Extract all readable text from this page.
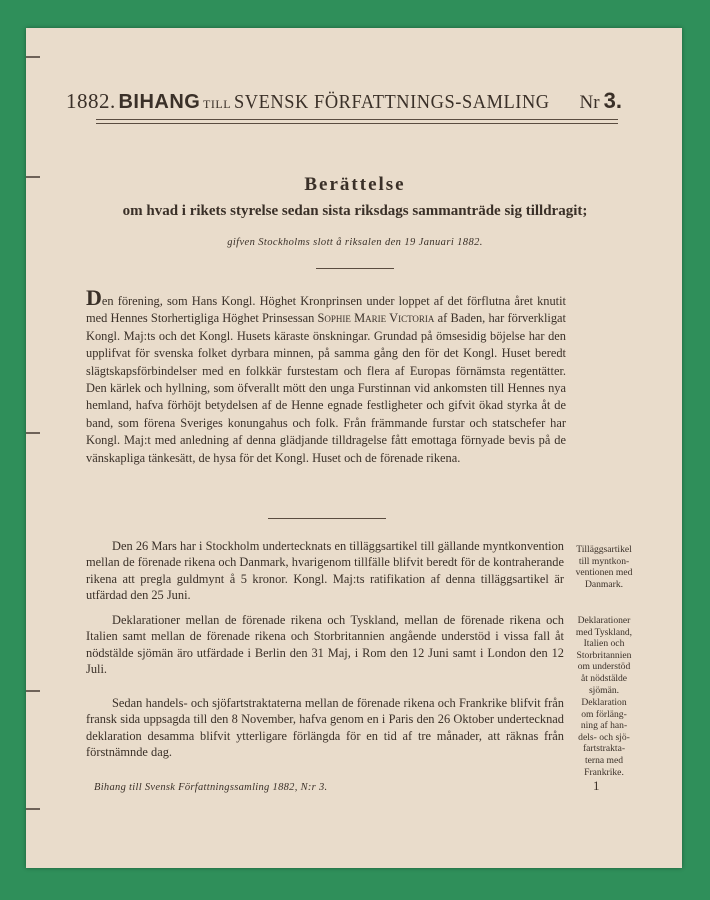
1882. BIHANG TILL SVENSK FÖRFATTNINGS-SAMLING Nr 3.
Berättelse
om hvad i rikets styrelse sedan sista riksdags sammanträde sig tilldragit;
gifven Stockholms slott å riksalen den 19 Januari 1882.
Den förening, som Hans Kongl. Höghet Kronprinsen under loppet af det förflutna året knutit med Hennes Storhertigliga Höghet Prinsessan Sophie Marie Victoria af Baden, har förverkligat Kongl. Maj:ts och det Kongl. Husets käraste önskningar. Grundad på ömsesidig böjelse har den upplifvat för svenska folket dyrbara minnen, på samma gång den för det Kongl. Huset beredt slägtskapsförbindelser med en folkkär furstestam och flera af Europas förnämsta regentätter. Den kärlek och hyllning, som öfverallt mött den unga Furstinnan vid ankomsten till Hennes nya hemland, hafva förhöjt betydelsen af de Henne egnade festligheter och gifvit ökad styrka åt de band, som förena Sveriges konungahus och folk. Från främmande furstar och statschefer har Kongl. Maj:t med anledning af denna glädjande tilldragelse fått emottaga förnyade bevis på de vänskapliga tänkesätt, de hysa för det Kongl. Huset och de förenade rikena.
Den 26 Mars har i Stockholm undertecknats en tilläggsartikel till gällande myntkonvention mellan de förenade rikena och Danmark, hvarigenom tillfälle blifvit beredt för de kontraherande rikena att pregla guldmynt å 5 kronor. Kongl. Maj:ts ratifikation af denna tilläggsartikel är utfärdad den 25 Juni.
Deklarationer mellan de förenade rikena och Tyskland, mellan de förenade rikena och Italien samt mellan de förenade rikena och Storbritannien angående understöd i vissa fall åt nödstälde sjömän äro utfärdade i Berlin den 31 Maj, i Rom den 12 Juni samt i London den 12 Juli.
Sedan handels- och sjöfartstraktaterna mellan de förenade rikena och Frankrike blifvit från fransk sida uppsagda till den 8 November, hafva genom en i Paris den 26 Oktober undertecknad deklaration desamma blifvit ytterligare förlängda för en tid af tre månader, att räknas från förstnämnde dag.
Tilläggsartikel
till myntkon-
ventionen med
Danmark.
Deklarationer
med Tyskland,
Italien och
Storbritannien
om understöd
åt nödstälde
sjömän.
Deklaration
om förläng-
ning af han-
dels- och sjö-
fartstrakta-
terna med
Frankrike.
Bihang till Svensk Författningssamling 1882, N:r 3.	1
